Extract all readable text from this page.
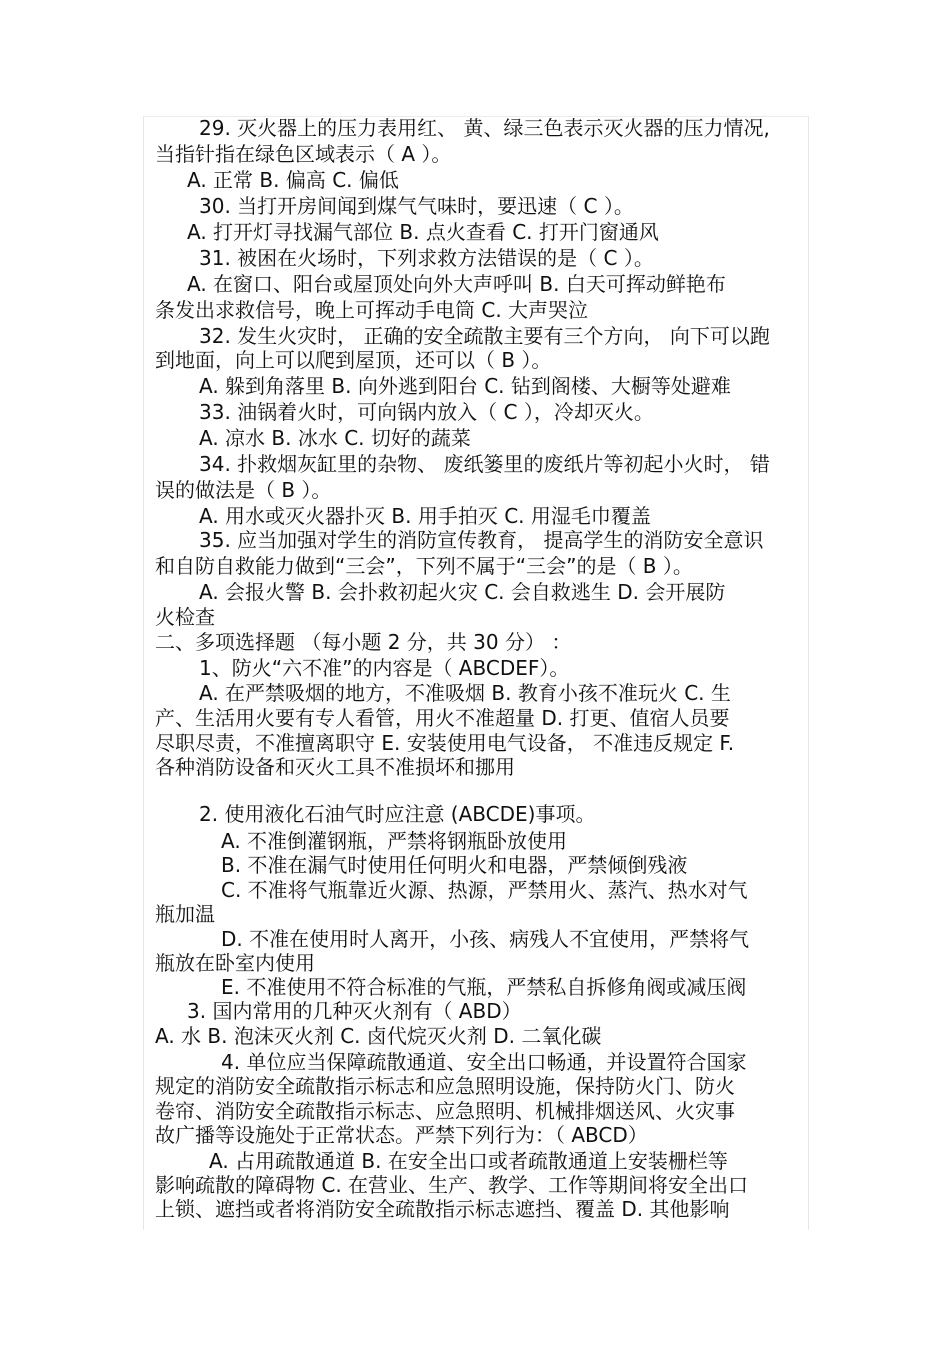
29. 灭火器上的压力表用红、 黄、绿三色表示灭火器的压力情况,

当指针指在绿色区域表示（ A ）。

A. 正常 B. 偏高 C. 偏低

30. 当打开房间闻到煤气气味时，要迅速（ C ）。

A. 打开灯寻找漏气部位 B. 点火查看 C. 打开门窗通风

31. 被困在火场时，下列求救方法错误的是（ C ）。

A. 在窗口、阳台或屋顶处向外大声呼叫 B. 白天可挥动鲜艳布

条发出求救信号，晚上可挥动手电筒 C. 大声哭泣

32. 发生火灾时， 正确的安全疏散主要有三个方向， 向下可以跑

到地面，向上可以爬到屋顶，还可以（ B ）。

A. 躲到角落里 B. 向外逃到阳台 C. 钻到阁楼、大橱等处避难

33. 油锅着火时，可向锅内放入（ C ），冷却灭火。

A. 凉水 B. 冰水 C. 切好的蔬菜

34. 扑救烟灰缸里的杂物、 废纸篓里的废纸片等初起小火时， 错

误的做法是（ B ）。

A. 用水或灭火器扑灭 B. 用手拍灭 C. 用湿毛巾覆盖

35. 应当加强对学生的消防宣传教育， 提高学生的消防安全意识

和自防自救能力做到“三会”，下列不属于“三会”的是（ B ）。

A. 会报火警 B. 会扑救初起火灾 C. 会自救逃生 D. 会开展防

火检查

二、多项选择题 （每小题 2 分，共 30 分） ：

1、防火“六不准”的内容是（ ABCDEF）。

A. 在严禁吸烟的地方，不准吸烟 B. 教育小孩不准玩火 C. 生

产、生活用火要有专人看管，用火不准超量 D. 打更、值宿人员要

尽职尽责，不准擅离职守 E. 安装使用电气设备， 不准违反规定 F.

各种消防设备和灭火工具不准损坏和挪用

2. 使用液化石油气时应注意 (ABCDE)事项。

A. 不准倒灌钢瓶，严禁将钢瓶卧放使用

B. 不准在漏气时使用任何明火和电器，严禁倾倒残液

C. 不准将气瓶靠近火源、热源，严禁用火、蒸汽、热水对气

瓶加温

D. 不准在使用时人离开，小孩、病残人不宜使用，严禁将气

瓶放在卧室内使用

E. 不准使用不符合标准的气瓶，严禁私自拆修角阀或减压阀

3. 国内常用的几种灭火剂有（ ABD）

A. 水 B. 泡沫灭火剂 C. 卤代烷灭火剂 D. 二氧化碳

4. 单位应当保障疏散通道、安全出口畅通，并设置符合国家

规定的消防安全疏散指示标志和应急照明设施，保持防火门、防火

卷帘、消防安全疏散指示标志、应急照明、机械排烟送风、火灾事

故广播等设施处于正常状态。严禁下列行为：（ ABCD）

A. 占用疏散通道 B. 在安全出口或者疏散通道上安装栅栏等

影响疏散的障碍物 C. 在营业、生产、教学、工作等期间将安全出口

上锁、遮挡或者将消防安全疏散指示标志遮挡、覆盖 D. 其他影响
